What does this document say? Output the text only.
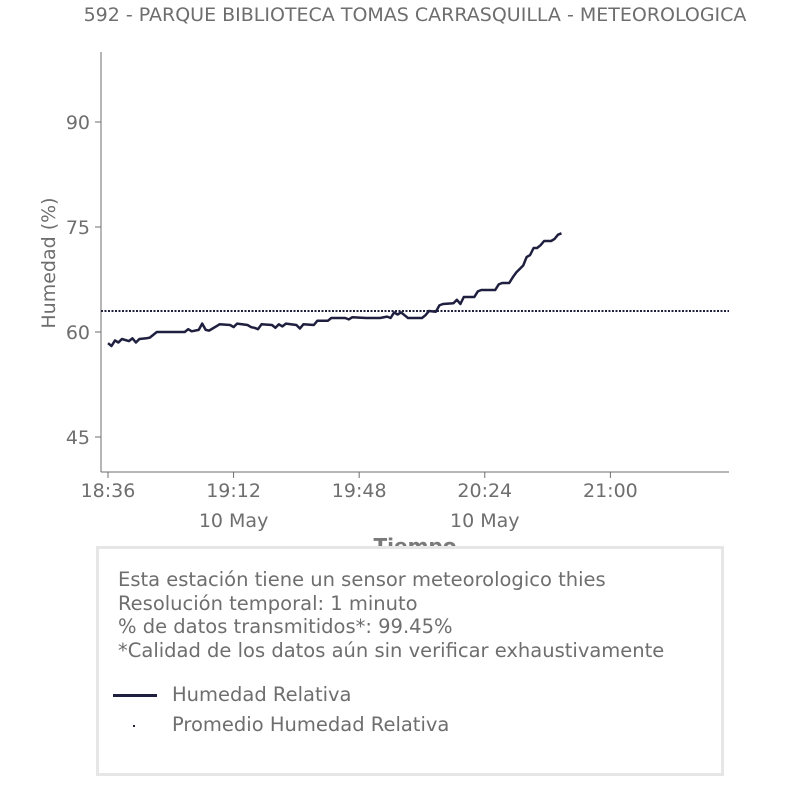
592 - PARQUE BIBLIOTECA TOMAS CARRASQUILLA - METEOROLOGICA
45
60
75
90
18:36	19:12
10 May
19:48	20:24
10 May
21:00
Humedad (%)
Esta estación tiene un sensor meteorologico thies
Resolución temporal: 1 minuto
% de datos transmitidos*: 99.45%
*Calidad de los datos aún sin verificar exhaustivamente
Humedad Relativa
Promedio Humedad Relativa
